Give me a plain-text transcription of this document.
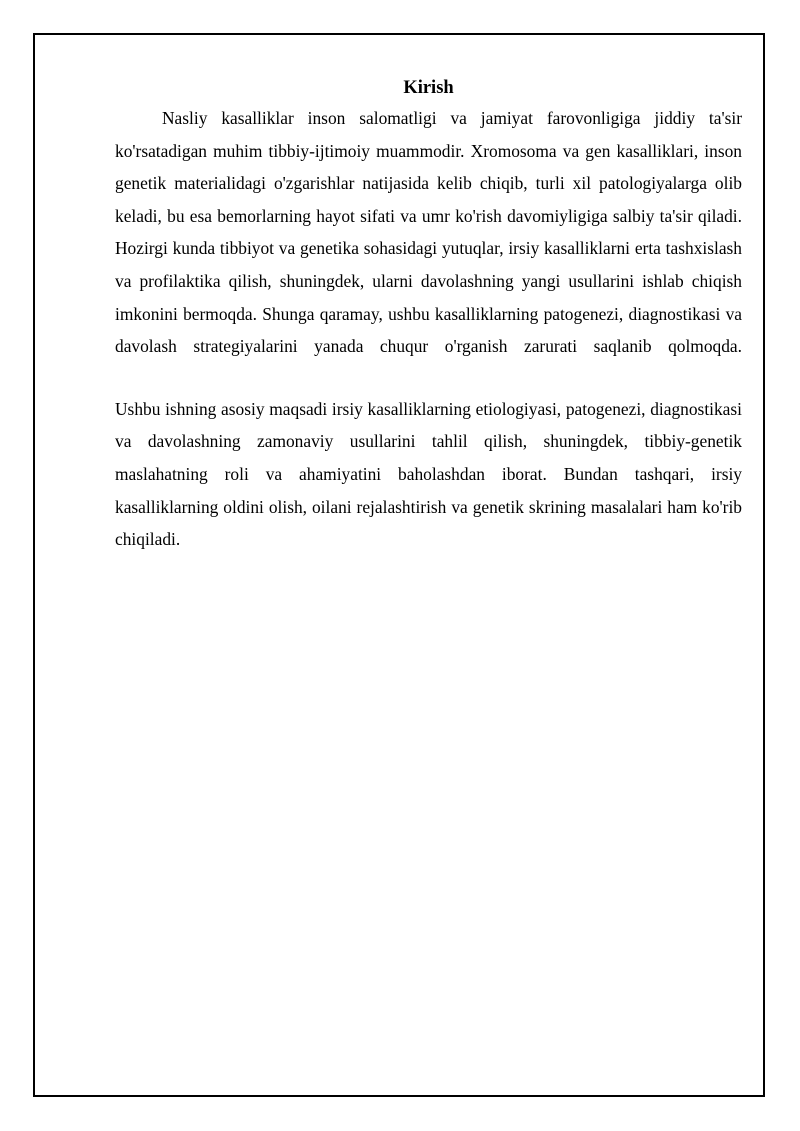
Kirish

Nasliy kasalliklar inson salomatligi va jamiyat farovonligiga jiddiy ta'sir ko'rsatadigan muhim tibbiy-ijtimoiy muammodir. Xromosoma va gen kasalliklari, inson genetik materialidagi o'zgarishlar natijasida kelib chiqib, turli xil patologiyalarga olib keladi, bu esa bemorlarning hayot sifati va umr ko'rish davomiyligiga salbiy ta'sir qiladi. Hozirgi kunda tibbiyot va genetika sohasidagi yutuqlar, irsiy kasalliklarni erta tashxislash va profilaktika qilish, shuningdek, ularni davolashning yangi usullarini ishlab chiqish imkonini bermoqda. Shunga qaramay, ushbu kasalliklarning patogenezi, diagnostikasi va davolash strategiyalarini yanada chuqur o'rganish zarurati saqlanib qolmoqda.

Ushbu ishning asosiy maqsadi irsiy kasalliklarning etiologiyasi, patogenezi, diagnostikasi va davolashning zamonaviy usullarini tahlil qilish, shuningdek, tibbiy-genetik maslahatning roli va ahamiyatini baholashdan iborat. Bundan tashqari, irsiy kasalliklarning oldini olish, oilani rejalashtirish va genetik skrining masalalari ham ko'rib chiqiladi.
